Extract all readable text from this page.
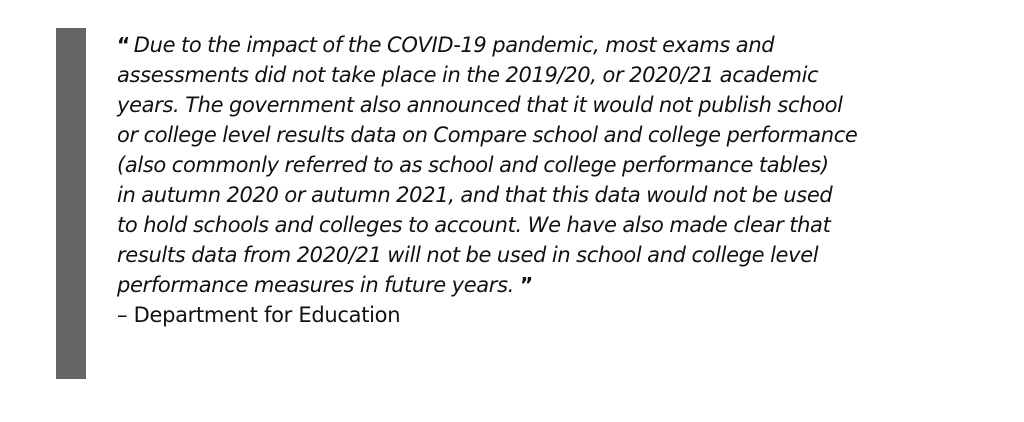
“ Due to the impact of the COVID-19 pandemic, most exams and
assessments did not take place in the 2019/20, or 2020/21 academic
years. The government also announced that it would not publish school
or college level results data on Compare school and college performance
(also commonly referred to as school and college performance tables)
in autumn 2020 or autumn 2021, and that this data would not be used
to hold schools and colleges to account. We have also made clear that
results data from 2020/21 will not be used in school and college level
performance measures in future years. ”

– Department for Education
